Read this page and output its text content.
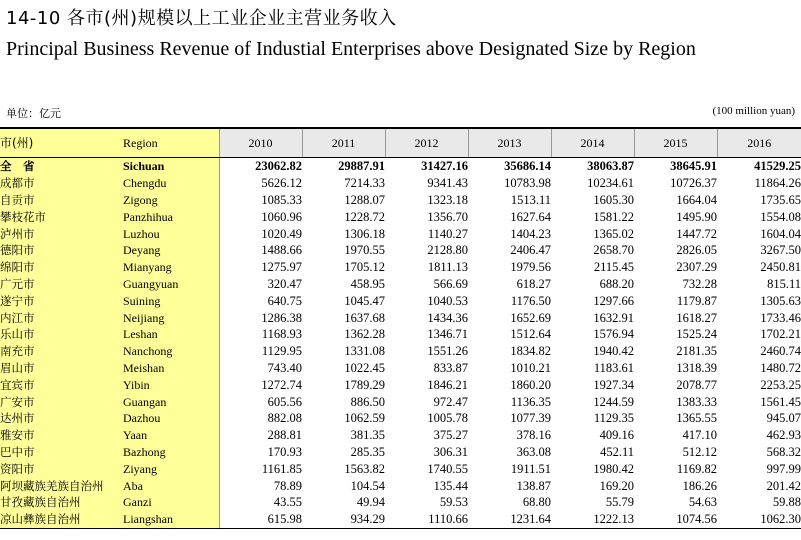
14-10 各市(州)规模以上工业企业主营业务收入
Principal Business Revenue of Industial Enterprises above Designated Size by Region
单位：亿元	(100 million yuan)
市(州)	Region	2010	2011	2012	2013	2014	2015	2016
全　省	Sichuan	23062.82	29887.91	31427.16	35686.14	38063.87	38645.91	41529.25
成都市	Chengdu	5626.12	7214.33	9341.43	10783.98	10234.61	10726.37	11864.26
自贡市	Zigong	1085.33	1288.07	1323.18	1513.11	1605.30	1664.04	1735.65
攀枝花市	Panzhihua	1060.96	1228.72	1356.70	1627.64	1581.22	1495.90	1554.08
泸州市	Luzhou	1020.49	1306.18	1140.27	1404.23	1365.02	1447.72	1604.04
德阳市	Deyang	1488.66	1970.55	2128.80	2406.47	2658.70	2826.05	3267.50
绵阳市	Mianyang	1275.97	1705.12	1811.13	1979.56	2115.45	2307.29	2450.81
广元市	Guangyuan	320.47	458.95	566.69	618.27	688.20	732.28	815.11
遂宁市	Suining	640.75	1045.47	1040.53	1176.50	1297.66	1179.87	1305.63
内江市	Neijiang	1286.38	1637.68	1434.36	1652.69	1632.91	1618.27	1733.46
乐山市	Leshan	1168.93	1362.28	1346.71	1512.64	1576.94	1525.24	1702.21
南充市	Nanchong	1129.95	1331.08	1551.26	1834.82	1940.42	2181.35	2460.74
眉山市	Meishan	743.40	1022.45	833.87	1010.21	1183.61	1318.39	1480.72
宜宾市	Yibin	1272.74	1789.29	1846.21	1860.20	1927.34	2078.77	2253.25
广安市	Guangan	605.56	886.50	972.47	1136.35	1244.59	1383.33	1561.45
达州市	Dazhou	882.08	1062.59	1005.78	1077.39	1129.35	1365.55	945.07
雅安市	Yaan	288.81	381.35	375.27	378.16	409.16	417.10	462.93
巴中市	Bazhong	170.93	285.35	306.31	363.08	452.11	512.12	568.32
资阳市	Ziyang	1161.85	1563.82	1740.55	1911.51	1980.42	1169.82	997.99
阿坝藏族羌族自治州	Aba	78.89	104.54	135.44	138.87	169.20	186.26	201.42
甘孜藏族自治州	Ganzi	43.55	49.94	59.53	68.80	55.79	54.63	59.88
凉山彝族自治州	Liangshan	615.98	934.29	1110.66	1231.64	1222.13	1074.56	1062.30
